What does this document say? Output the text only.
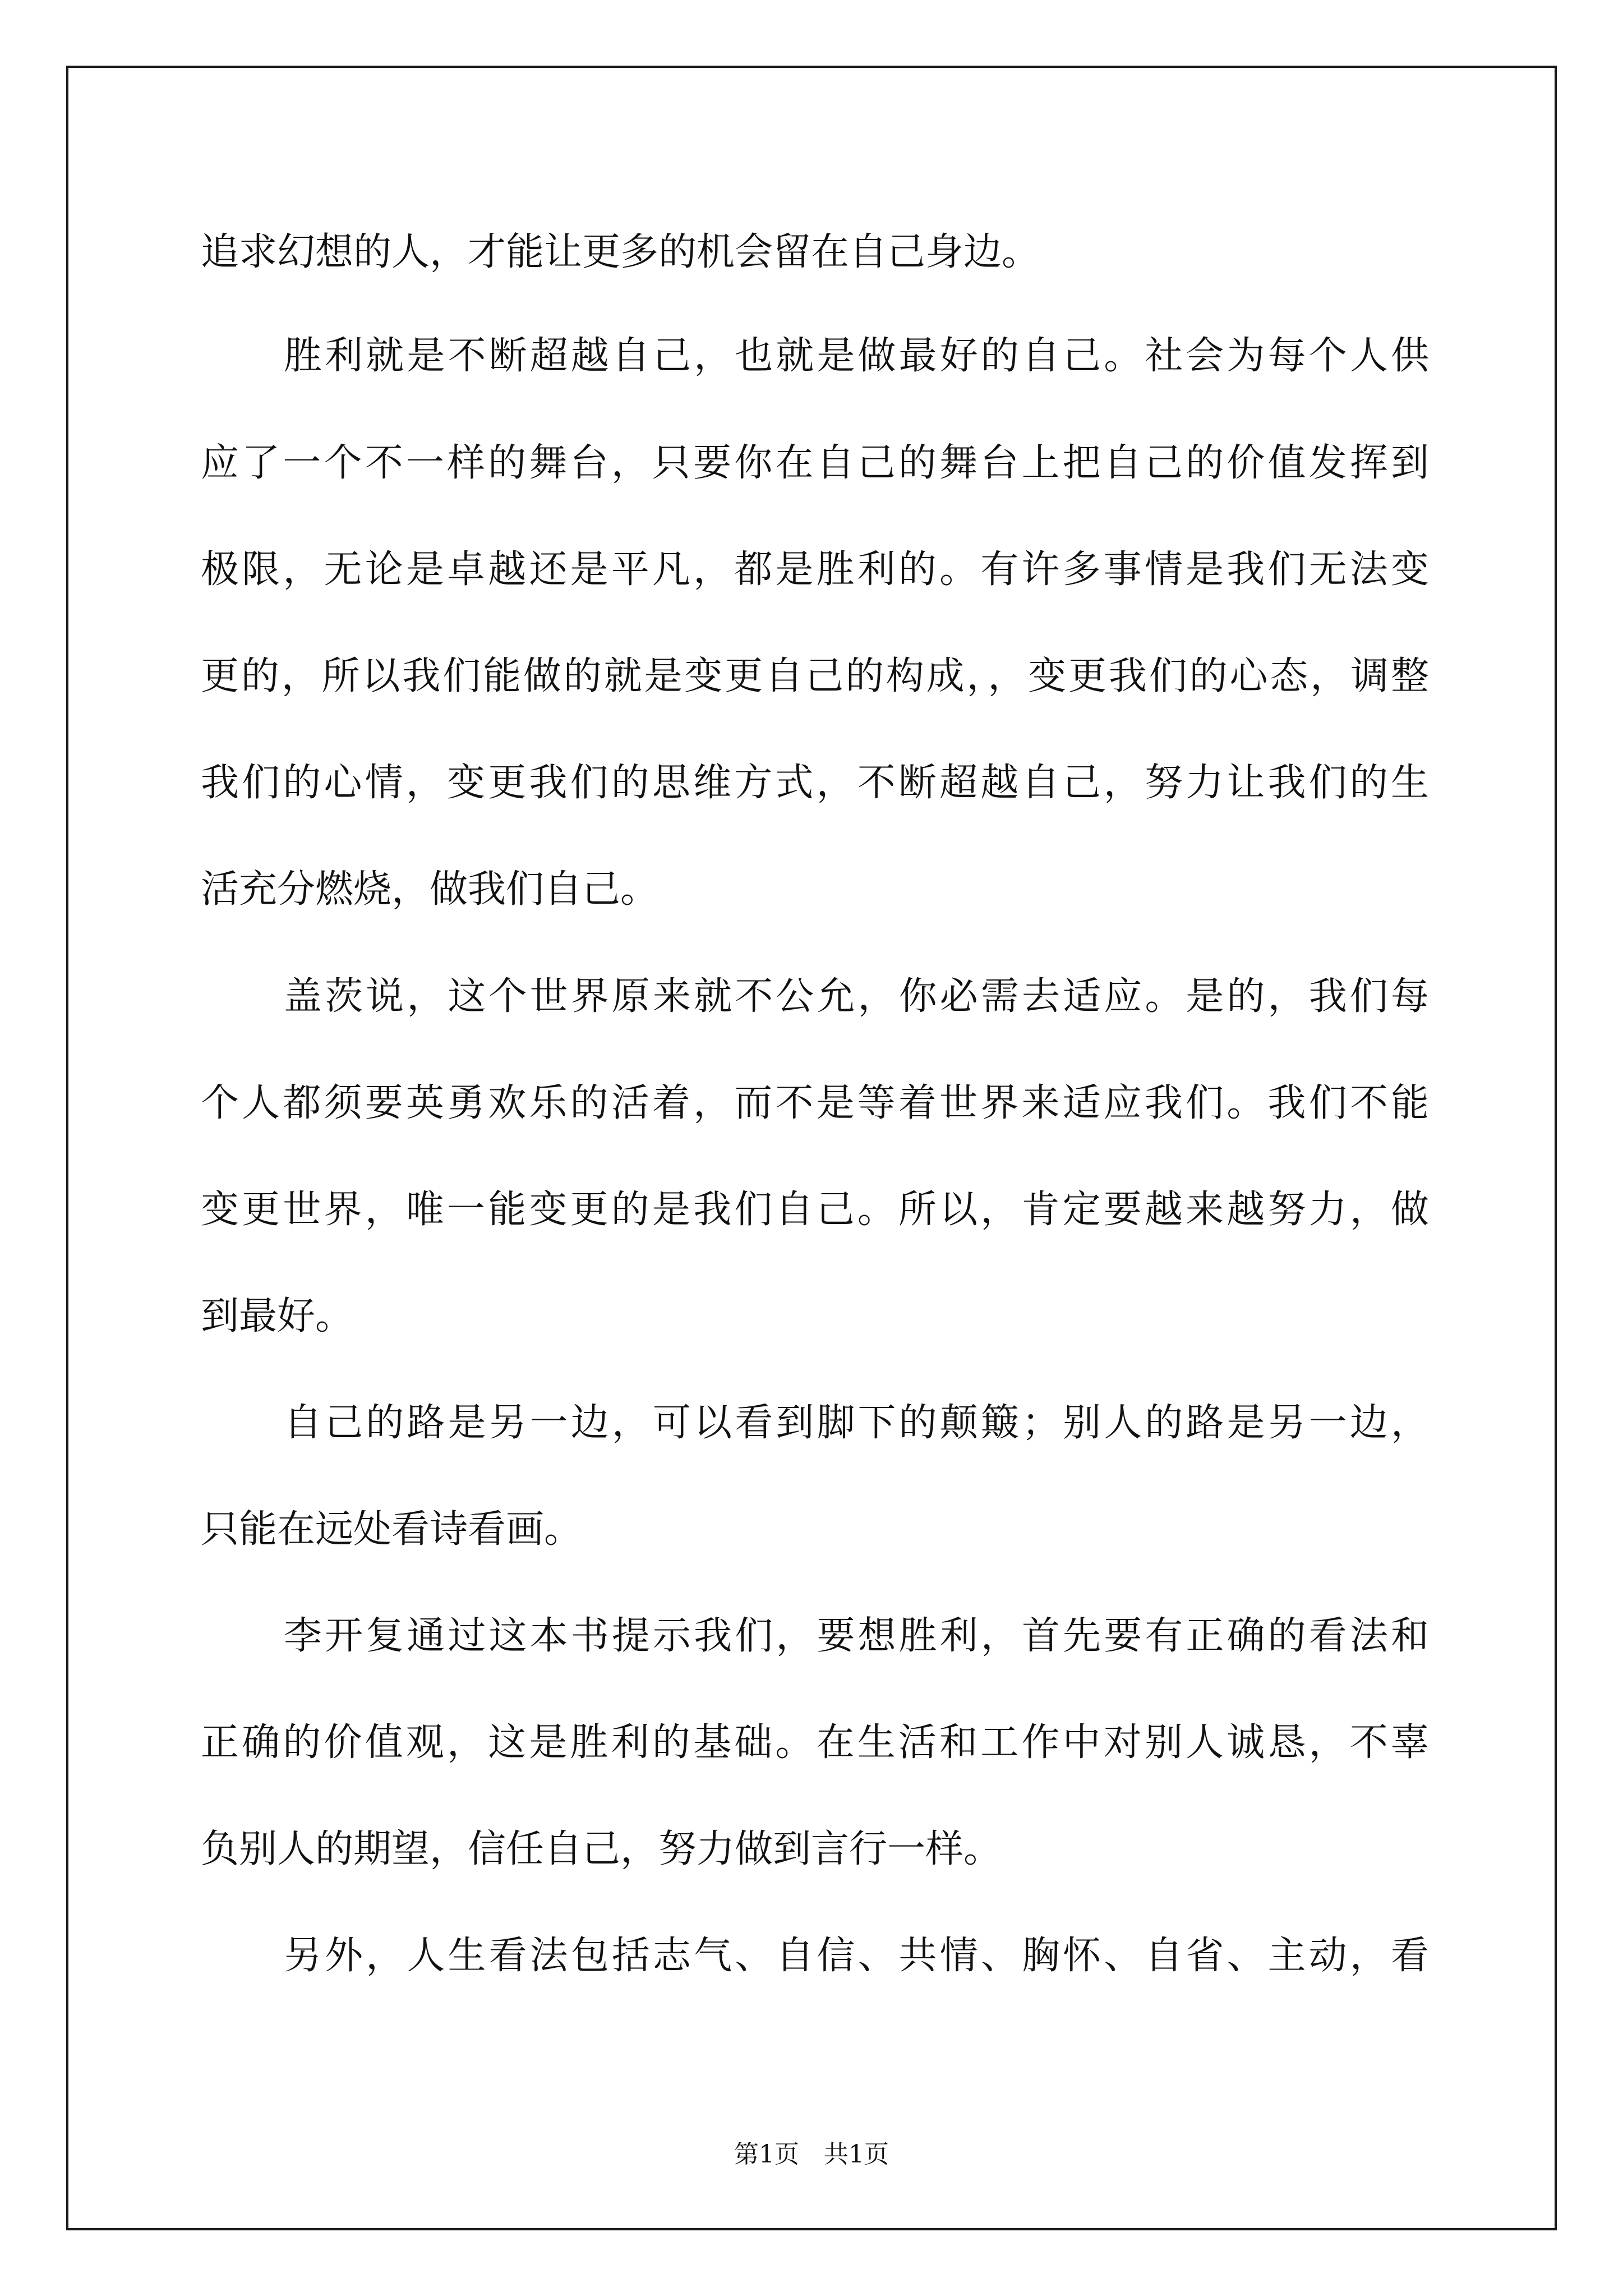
追求幻想的人，才能让更多的机会留在自己身边。

胜利就是不断超越自己，也就是做最好的自己。社会为每个人供

应了一个不一样的舞台，只要你在自己的舞台上把自己的价值发挥到

极限，无论是卓越还是平凡，都是胜利的。有许多事情是我们无法变

更的，所以我们能做的就是变更自己的构成，，变更我们的心态，调整

我们的心情，变更我们的思维方式，不断超越自己，努力让我们的生

活充分燃烧，做我们自己。

盖茨说，这个世界原来就不公允，你必需去适应。是的，我们每

个人都须要英勇欢乐的活着，而不是等着世界来适应我们。我们不能

变更世界，唯一能变更的是我们自己。所以，肯定要越来越努力，做

到最好。

自己的路是另一边，可以看到脚下的颠簸；别人的路是另一边，

只能在远处看诗看画。

李开复通过这本书提示我们，要想胜利，首先要有正确的看法和

正确的价值观，这是胜利的基础。在生活和工作中对别人诚恳，不辜

负别人的期望，信任自己，努力做到言行一样。

另外，人生看法包括志气、自信、共情、胸怀、自省、主动，看

第1页　共1页
